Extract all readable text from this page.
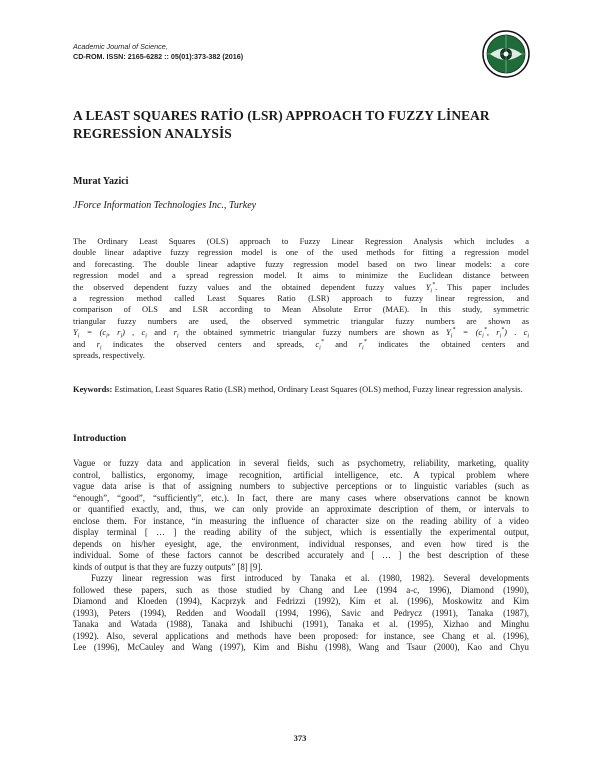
Academic Journal of Science,
CD-ROM. ISSN: 2165-6282 :: 05(01):373-382 (2016)
A LEAST SQUARES RATİO (LSR) APPROACH TO FUZZY LİNEAR REGRESSİON ANALYSİS
Murat Yazici
JForce Information Technologies Inc., Turkey
The Ordinary Least Squares (OLS) approach to Fuzzy Linear Regression Analysis which includes a
double linear adaptive fuzzy regression model is one of the used methods for fitting a regression model
and forecasting. The double linear adaptive fuzzy regression model based on two linear models: a core
regression model and a spread regression model. It aims to minimize the Euclidean distance between
the observed dependent fuzzy values and the obtained dependent fuzzy values $Y_i^*$. This paper includes
a regression method called Least Squares Ratio (LSR) approach to fuzzy linear regression, and
comparison of OLS and LSR according to Mean Absolute Error (MAE). In this study, symmetric
triangular fuzzy numbers are used, the observed symmetric triangular fuzzy numbers are shown as
$Y_i = (c_i$, $r_i$) , $c_i$ and $r_i$ the obtained symmetric triangular fuzzy numbers are shown as $Y_i^* = (c_i^*$, $r_i^*$) . $c_i$
and $r_i$ indicates the observed centers and spreads, $c_i^*$ and $r_i^*$ indicates the obtained centers and
spreads, respectively.
Keywords: Estimation, Least Squares Ratio (LSR) method, Ordinary Least Squares (OLS) method, Fuzzy linear regression analysis.
Introduction
Vague or fuzzy data and application in several fields, such as psychometry, reliability, marketing, quality
control, ballistics, ergonomy, image recognition, artificial intelligence, etc. A typical problem where
vague data arise is that of assigning numbers to subjective perceptions or to linguistic variables (such as
“enough”, “good”, “sufficiently”, etc.). In fact, there are many cases where observations cannot be known
or quantified exactly, and, thus, we can only provide an approximate description of them, or intervals to
enclose them. For instance, “in measuring the influence of character size on the reading ability of a video
display terminal [ … ] the reading ability of the subject, which is essentially the experimental output,
depends on his/her eyesight, age, the environment, individual responses, and even how tired is the
individual. Some of these factors cannot be described accurately and [ … ] the best description of these
kinds of output is that they are fuzzy outputs” [8] [9].
Fuzzy linear regression was first introduced by Tanaka et al. (1980, 1982). Several developments
followed these papers, such as those studied by Chang and Lee (1994 a-c, 1996), Diamond (1990),
Diamond and Kloeden (1994), Kacprzyk and Fedrizzi (1992), Kim et al. (1996), Moskowitz and Kim
(1993), Peters (1994), Redden and Woodall (1994, 1996), Savic and Pedrycz (1991), Tanaka (1987),
Tanaka and Watada (1988), Tanaka and Ishibuchi (1991), Tanaka et al. (1995), Xizhao and Minghu
(1992). Also, several applications and methods have been proposed: for instance, see Chang et al. (1996),
Lee (1996), McCauley and Wang (1997), Kim and Bishu (1998), Wang and Tsaur (2000), Kao and Chyu
373
